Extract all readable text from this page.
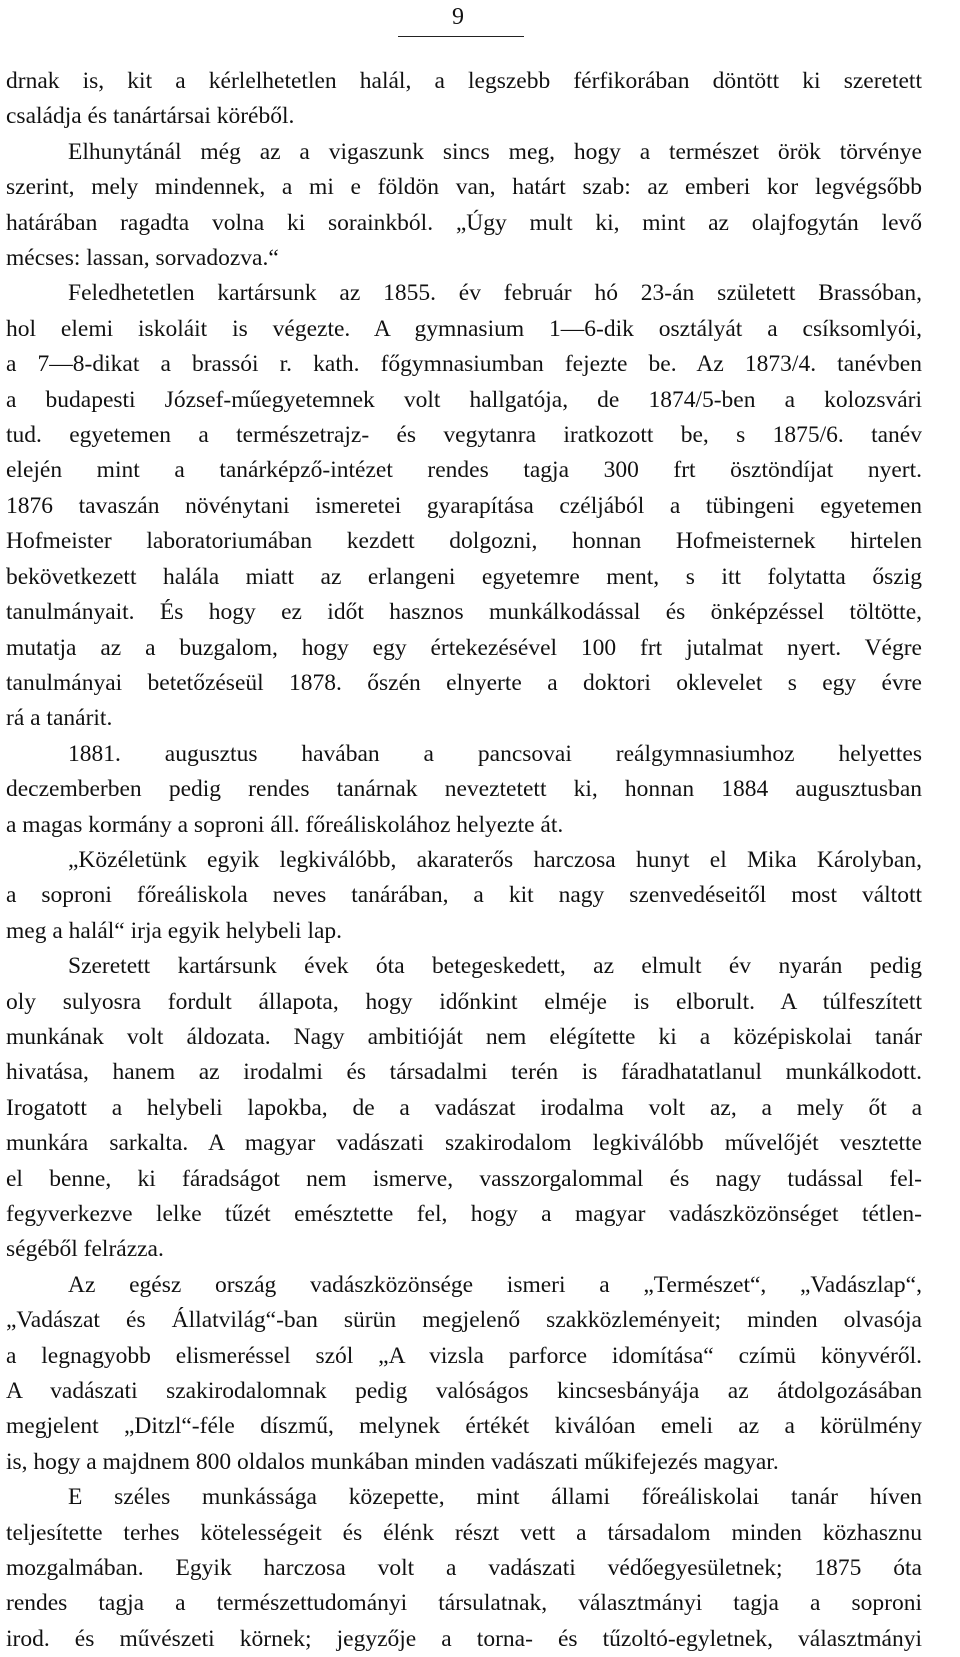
9
drnak is, kit a kérlelhetetlen halál, a legszebb férfikorában döntött ki szeretett
családja és tanártársai köréből.
Elhunytánál még az a vigaszunk sincs meg, hogy a természet örök törvénye
szerint, mely mindennek, a mi e földön van, határt szab: az emberi kor legvégsőbb
határában ragadta volna ki sorainkból. „Úgy mult ki, mint az olajfogytán levő
mécses: lassan, sorvadozva.“
Feledhetetlen kartársunk az 1855. év február hó 23-án született Brassóban,
hol elemi iskoláit is végezte. A gymnasium 1—6-dik osztályát a csíksomlyói,
a 7—8-dikat a brassói r. kath. főgymnasiumban fejezte be. Az 1873/4. tanévben
a budapesti József-műegyetemnek volt hallgatója, de 1874/5-ben a kolozsvári
tud. egyetemen a természetrajz- és vegytanra iratkozott be, s 1875/6. tanév
elején mint a tanárképző-intézet rendes tagja 300 frt ösztöndíjat nyert.
1876 tavaszán növénytani ismeretei gyarapítása czéljából a tübingeni egyetemen
Hofmeister laboratoriumában kezdett dolgozni, honnan Hofmeisternek hirtelen
bekövetkezett halála miatt az erlangeni egyetemre ment, s itt folytatta őszig
tanulmányait. És hogy ez időt hasznos munkálkodással és önképzéssel töltötte,
mutatja az a buzgalom, hogy egy értekezésével 100 frt jutalmat nyert. Végre
tanulmányai betetőzéseül 1878. őszén elnyerte a doktori oklevelet s egy évre
rá a tanárit.
1881. augusztus havában a pancsovai reálgymnasiumhoz helyettes
deczemberben pedig rendes tanárnak neveztetett ki, honnan 1884 augusztusban
a magas kormány a soproni áll. főreáliskolához helyezte át.
„Közéletünk egyik legkiválóbb, akaraterős harczosa hunyt el Mika Károlyban,
a soproni főreáliskola neves tanárában, a kit nagy szenvedéseitől most váltott
meg a halál“ irja egyik helybeli lap.
Szeretett kartársunk évek óta betegeskedett, az elmult év nyarán pedig
oly sulyosra fordult állapota, hogy időnkint elméje is elborult. A túlfeszített
munkának volt áldozata. Nagy ambitióját nem elégítette ki a középiskolai tanár
hivatása, hanem az irodalmi és társadalmi terén is fáradhatatlanul munkálkodott.
Irogatott a helybeli lapokba, de a vadászat irodalma volt az, a mely őt a
munkára sarkalta. A magyar vadászati szakirodalom legkiválóbb művelőjét vesztette
el benne, ki fáradságot nem ismerve, vasszorgalommal és nagy tudással fel-
fegyverkezve lelke tűzét emésztette fel, hogy a magyar vadászközönséget tétlen-
ségéből felrázza.
Az egész ország vadászközönsége ismeri a „Természet“, „Vadászlap“,
„Vadászat és Állatvilág“-ban sürün megjelenő szakközleményeit; minden olvasója
a legnagyobb elismeréssel szól „A vizsla parforce idomítása“ czímü könyvéről.
A vadászati szakirodalomnak pedig valóságos kincsesbányája az átdolgozásában
megjelent „Ditzl“-féle díszmű, melynek értékét kiválóan emeli az a körülmény
is, hogy a majdnem 800 oldalos munkában minden vadászati műkifejezés magyar.
E széles munkássága közepette, mint állami főreáliskolai tanár híven
teljesítette terhes kötelességeit és élénk részt vett a társadalom minden közhasznu
mozgalmában. Egyik harczosa volt a vadászati védőegyesületnek; 1875 óta
rendes tagja a természettudományi társulatnak, választmányi tagja a soproni
irod. és művészeti körnek; jegyzője a torna- és tűzoltó-egyletnek, választmányi
